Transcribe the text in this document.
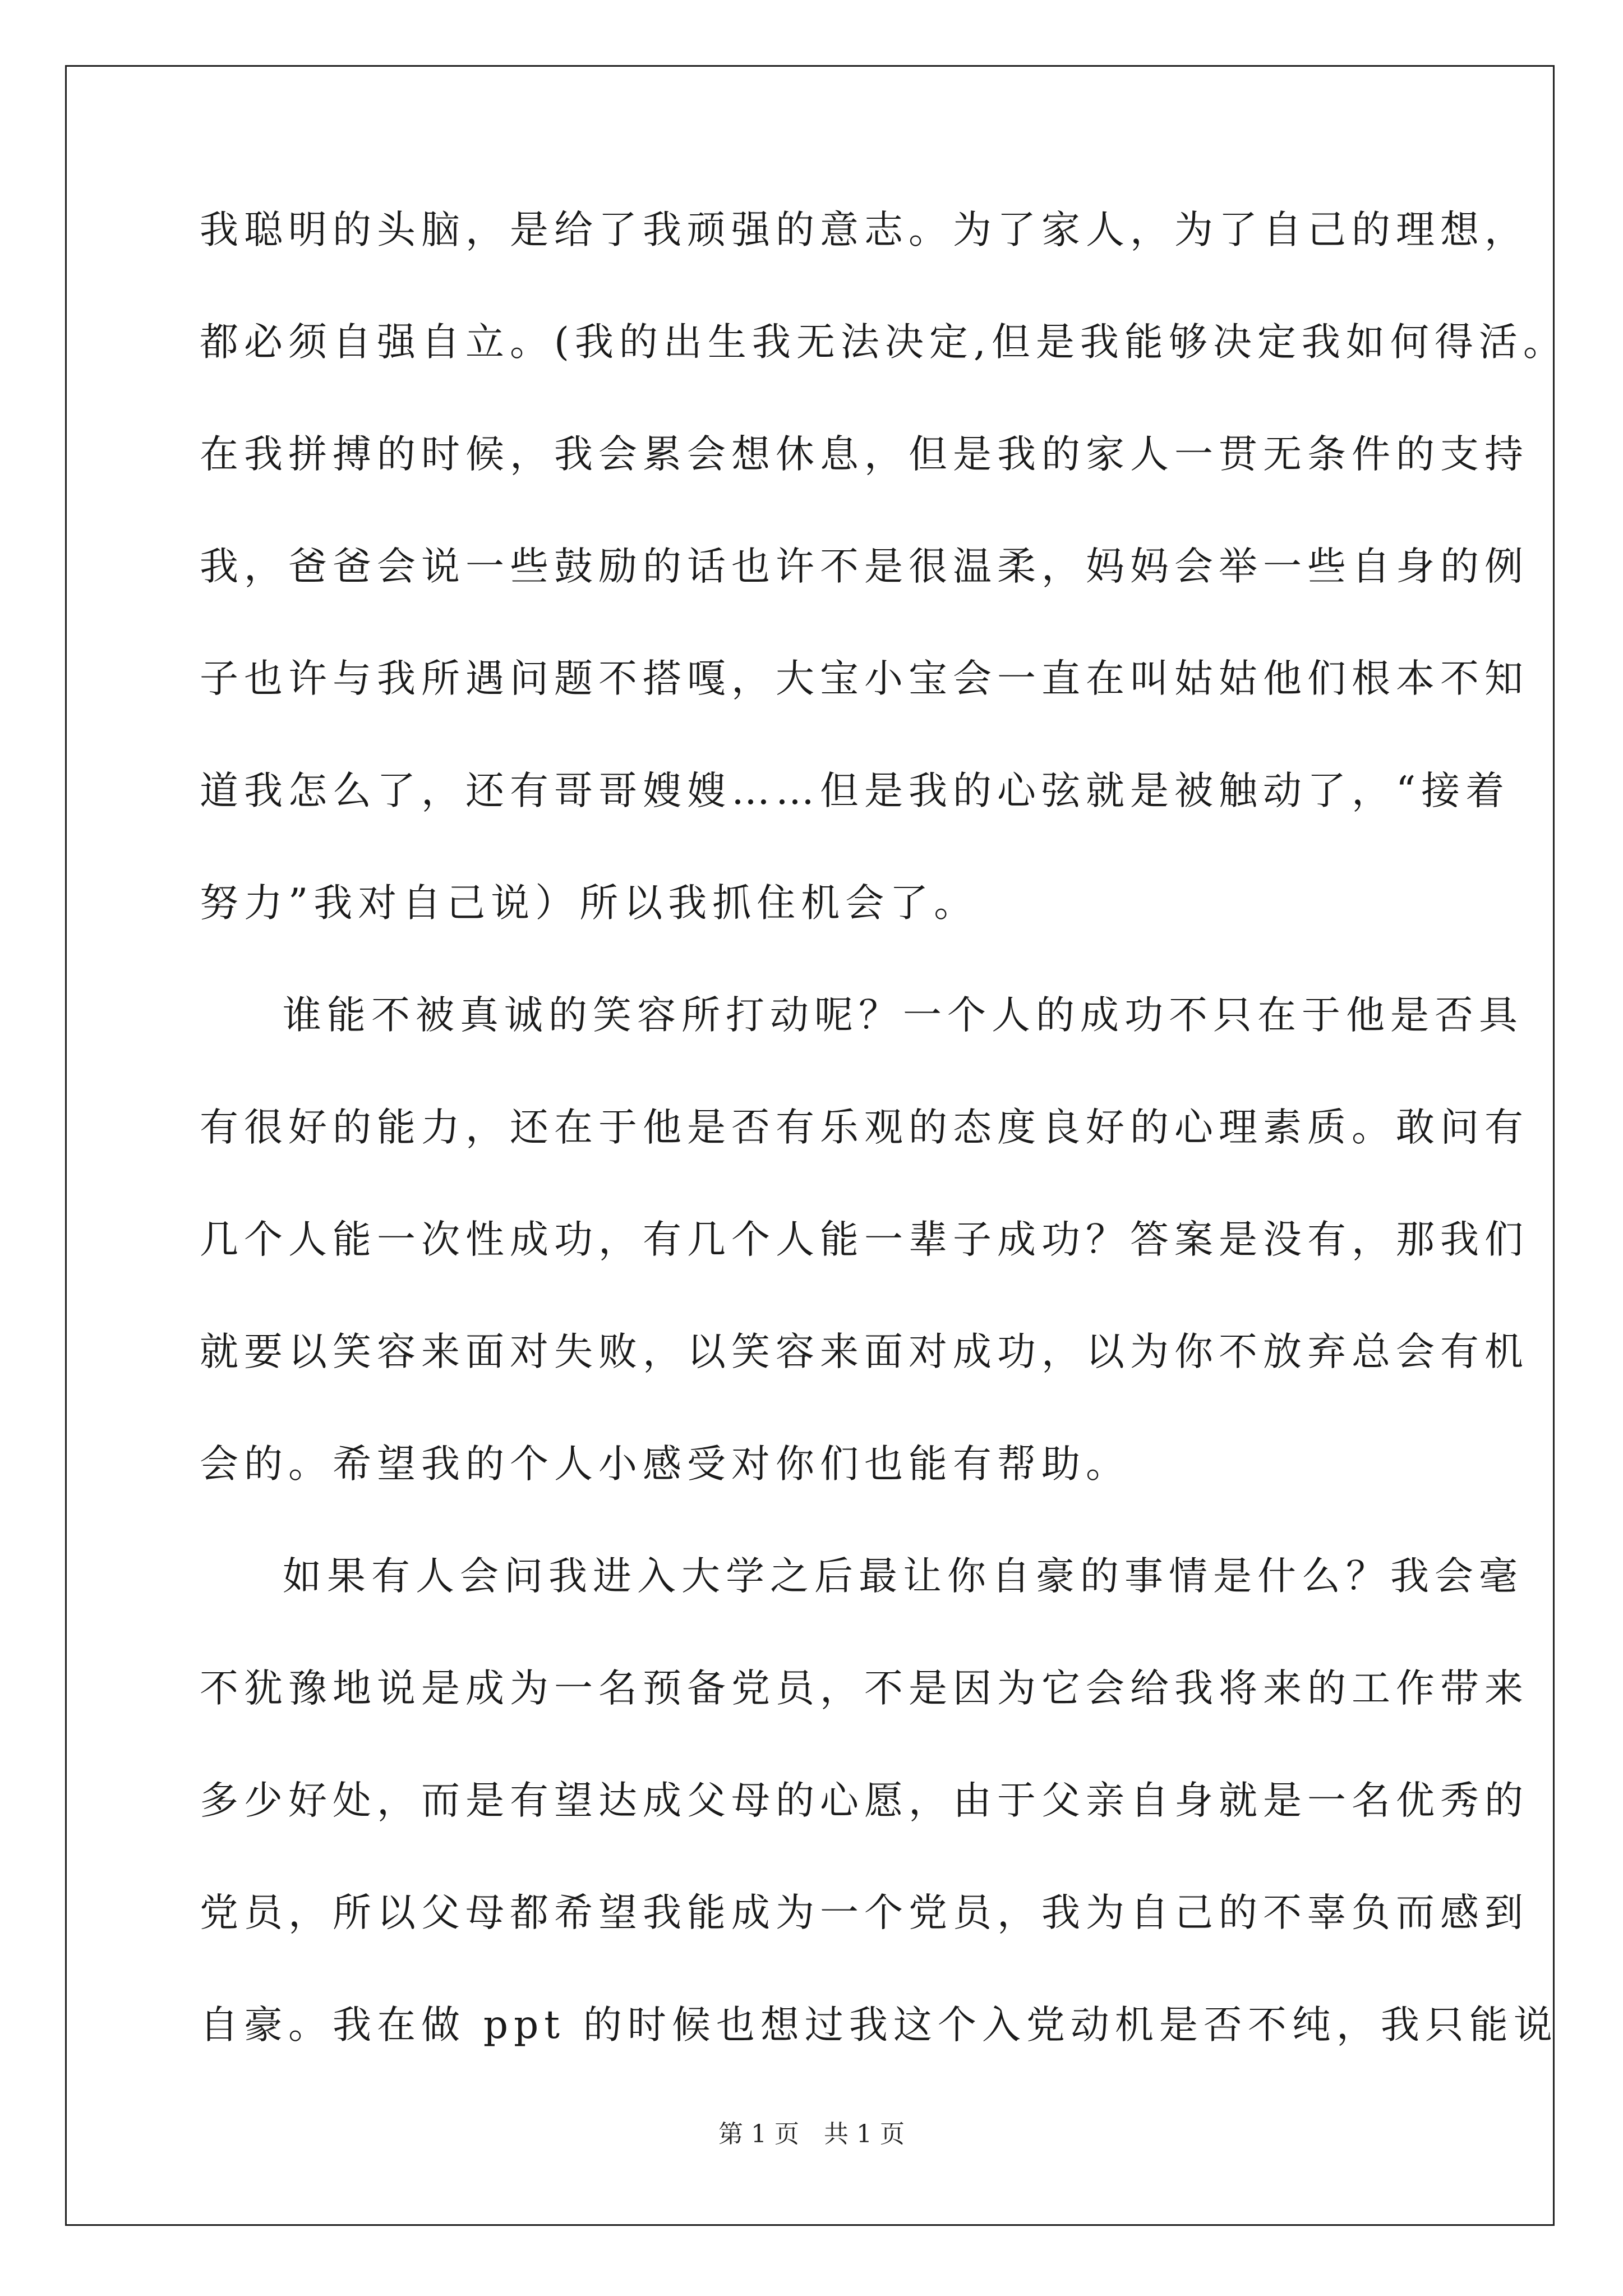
我聪明的头脑，是给了我顽强的意志。为了家人，为了自己的理想，
都必须自强自立。(我的出生我无法决定,但是我能够决定我如何得活。
在我拼搏的时候，我会累会想休息，但是我的家人一贯无条件的支持
我，爸爸会说一些鼓励的话也许不是很温柔，妈妈会举一些自身的例
子也许与我所遇问题不搭嘎，大宝小宝会一直在叫姑姑他们根本不知
道我怎么了，还有哥哥嫂嫂……但是我的心弦就是被触动了，“接着
努力”我对自己说）所以我抓住机会了。
谁能不被真诚的笑容所打动呢？一个人的成功不只在于他是否具
有很好的能力，还在于他是否有乐观的态度良好的心理素质。敢问有
几个人能一次性成功，有几个人能一辈子成功？答案是没有，那我们
就要以笑容来面对失败，以笑容来面对成功，以为你不放弃总会有机
会的。希望我的个人小感受对你们也能有帮助。
如果有人会问我进入大学之后最让你自豪的事情是什么？我会毫
不犹豫地说是成为一名预备党员，不是因为它会给我将来的工作带来
多少好处，而是有望达成父母的心愿，由于父亲自身就是一名优秀的
党员，所以父母都希望我能成为一个党员，我为自己的不辜负而感到
自豪。我在做 ppt 的时候也想过我这个入党动机是否不纯，我只能说
第 1 页　共 1 页
